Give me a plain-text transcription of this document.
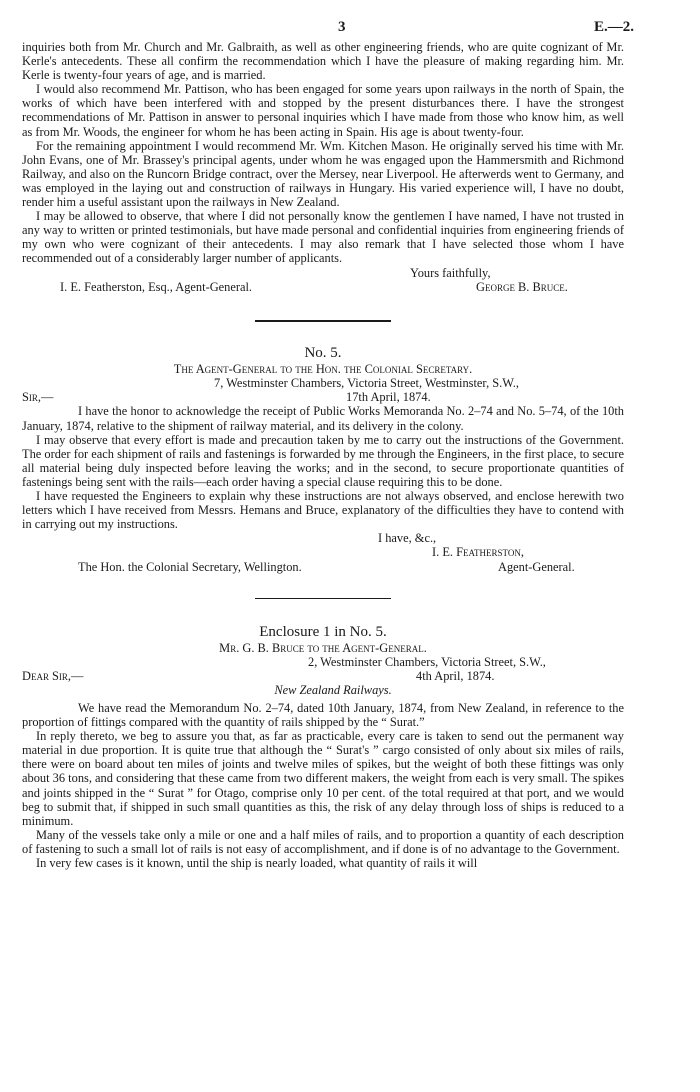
3	E.—2.

inquiries both from Mr. Church and Mr. Galbraith, as well as other engineering friends, who are quite cognizant of Mr. Kerle's antecedents. These all confirm the recommendation which I have the pleasure of making regarding him. Mr. Kerle is twenty-four years of age, and is married.

I would also recommend Mr. Pattison, who has been engaged for some years upon railways in the north of Spain, the works of which have been interfered with and stopped by the present disturbances there. I have the strongest recommendations of Mr. Pattison in answer to personal inquiries which I have made from those who know him, as well as from Mr. Woods, the engineer for whom he has been acting in Spain. His age is about twenty-four.

For the remaining appointment I would recommend Mr. Wm. Kitchen Mason. He originally served his time with Mr. John Evans, one of Mr. Brassey's principal agents, under whom he was engaged upon the Hammersmith and Richmond Railway, and also on the Runcorn Bridge contract, over the Mersey, near Liverpool. He afterwerds went to Germany, and was employed in the laying out and construction of railways in Hungary. His varied experience will, I have no doubt, render him a useful assistant upon the railways in New Zealand.

I may be allowed to observe, that where I did not personally know the gentlemen I have named, I have not trusted in any way to written or printed testimonials, but have made personal and confidential inquiries from engineering friends of my own who were cognizant of their antecedents. I may also remark that I have selected those whom I have recommended out of a considerably larger number of applicants.

Yours faithfully,
I. E. Featherston, Esq., Agent-General.	George B. Bruce.
No. 5.
The Agent-General to the Hon. the Colonial Secretary.
7, Westminster Chambers, Victoria Street, Westminster, S.W.,
Sir,—	17th April, 1874.

I have the honor to acknowledge the receipt of Public Works Memoranda No. 2–74 and No. 5–74, of the 10th January, 1874, relative to the shipment of railway material, and its delivery in the colony.

I may observe that every effort is made and precaution taken by me to carry out the instructions of the Government. The order for each shipment of rails and fastenings is forwarded by me through the Engineers, in the first place, to secure all material being duly inspected before leaving the works; and in the second, to secure proportionate quantities of fastenings being sent with the rails—each order having a special clause requiring this to be done.

I have requested the Engineers to explain why these instructions are not always observed, and enclose herewith two letters which I have received from Messrs. Hemans and Bruce, explanatory of the difficulties they have to contend with in carrying out my instructions.

I have, &c.,
I. E. Featherston,
The Hon. the Colonial Secretary, Wellington.	Agent-General.
Enclosure 1 in No. 5.
Mr. G. B. Bruce to the Agent-General.
2, Westminster Chambers, Victoria Street, S.W.,
Dear Sir,—	4th April, 1874.
New Zealand Railways.

We have read the Memorandum No. 2–74, dated 10th January, 1874, from New Zealand, in reference to the proportion of fittings compared with the quantity of rails shipped by the “ Surat.”

In reply thereto, we beg to assure you that, as far as practicable, every care is taken to send out the permanent way material in due proportion. It is quite true that although the “ Surat's ” cargo consisted of only about six miles of rails, there were on board about ten miles of joints and twelve miles of spikes, but the weight of both these fittings was only about 36 tons, and considering that these came from two different makers, the weight from each is very small. The spikes and joints shipped in the “ Surat ” for Otago, comprise only 10 per cent. of the total required at that port, and we would beg to submit that, if shipped in such small quantities as this, the risk of any delay through loss of ships is reduced to a minimum.

Many of the vessels take only a mile or one and a half miles of rails, and to proportion a quantity of each description of fastening to such a small lot of rails is not easy of accomplishment, and if done is of no advantage to the Government.

In very few cases is it known, until the ship is nearly loaded, what quantity of rails it will
